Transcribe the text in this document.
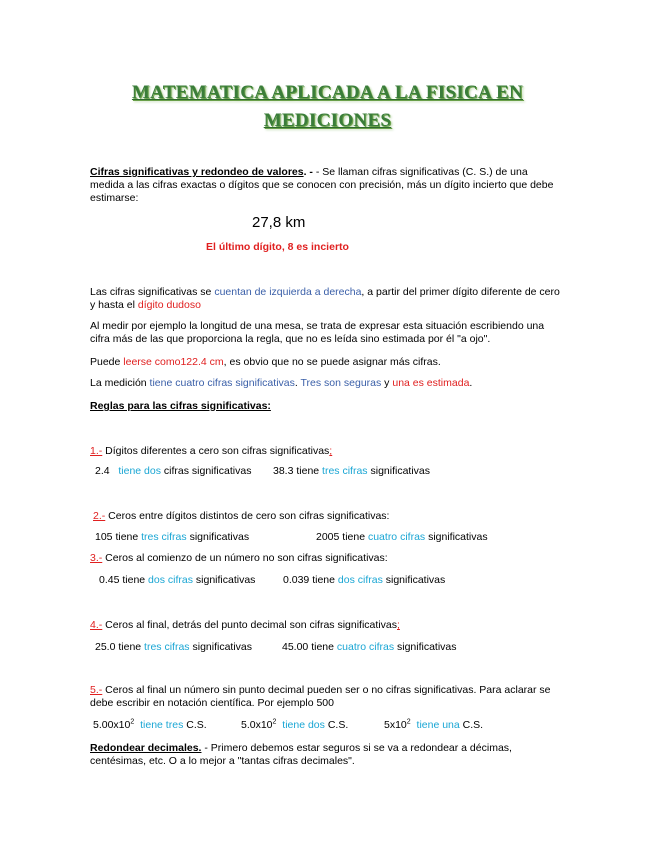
MATEMATICA APLICADA A LA FISICA EN
MEDICIONES
Cifras significativas y redondeo de valores. - - Se llaman cifras significativas (C. S.) de una medida a las cifras exactas o dígitos que se conocen con precisión, más un dígito incierto que debe estimarse:
27,8 km
El último dígito, 8 es incierto
Las cifras significativas se cuentan de izquierda a derecha, a partir del primer dígito diferente de cero y hasta el dígito dudoso
Al medir por ejemplo la longitud de una mesa, se trata de expresar esta situación escribiendo una cifra más de las que proporciona la regla, que no es leída sino estimada por él "a ojo".
Puede leerse como122.4 cm, es obvio que no se puede asignar más cifras.
La medición tiene cuatro cifras significativas. Tres son seguras y una es estimada.
Reglas para las cifras significativas:
1.- Dígitos diferentes a cero son cifras significativas;
2.4 tiene dos cifras significativas 38.3 tiene tres cifras significativas
2.- Ceros entre dígitos distintos de cero son cifras significativas:
105 tiene tres cifras significativas	2005 tiene cuatro cifras significativas
3.- Ceros al comienzo de un número no son cifras significativas:
0.45 tiene dos cifras significativas	0.039 tiene dos cifras significativas
4.- Ceros al final, detrás del punto decimal son cifras significativas;
25.0 tiene tres cifras significativas	45.00 tiene cuatro cifras significativas
5.- Ceros al final un número sin punto decimal pueden ser o no cifras significativas. Para aclarar se debe escribir en notación científica. Por ejemplo 500
$5.00x10^2$ tiene tres C.S.	$5.0x10^2$ tiene dos C.S.	$5x10^2$ tiene una C.S.
Redondear decimales. - Primero debemos estar seguros si se va a redondear a décimas, centésimas, etc. O a lo mejor a "tantas cifras decimales".
